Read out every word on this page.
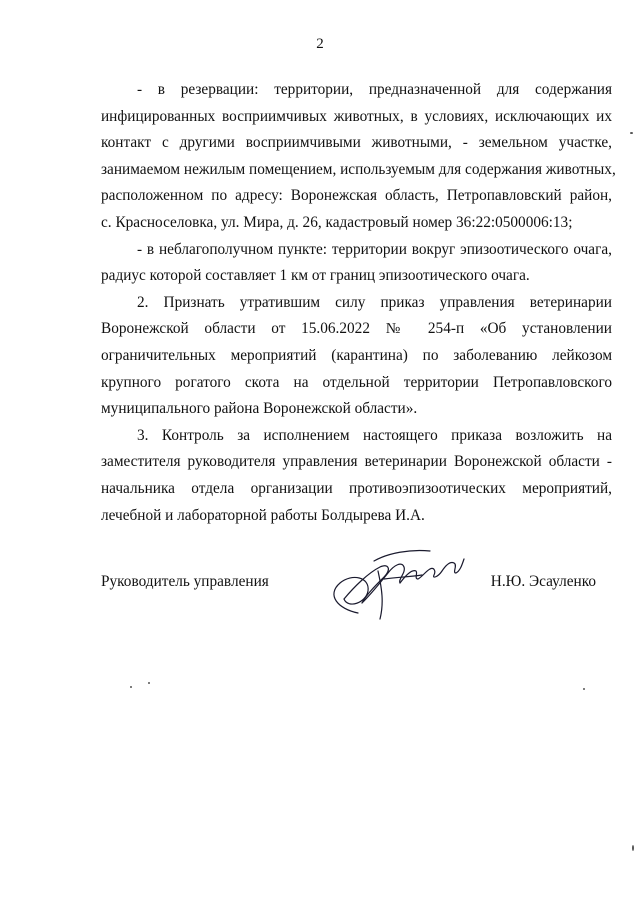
2
- в резервации: территории, предназначенной для содержания
инфицированных восприимчивых животных, в условиях, исключающих их
контакт с другими восприимчивыми животными, - земельном участке,
занимаемом нежилым помещением, используемым для содержания животных,
расположенном по адресу: Воронежская область, Петропавловский район,
с. Красноселовка, ул. Мира, д. 26, кадастровый номер 36:22:0500006:13;
- в неблагополучном пункте: территории вокруг эпизоотического очага,
радиус которой составляет 1 км от границ эпизоотического очага.
2. Признать утратившим силу приказ управления ветеринарии
Воронежской области от 15.06.2022 № 254-п «Об установлении
ограничительных мероприятий (карантина) по заболеванию лейкозом
крупного рогатого скота на отдельной территории Петропавловского
муниципального района Воронежской области».
3. Контроль за исполнением настоящего приказа возложить на
заместителя руководителя управления ветеринарии Воронежской области -
начальника отдела организации противоэпизоотических мероприятий,
лечебной и лабораторной работы Болдырева И.А.
Руководитель управления	Н.Ю. Эсауленко
